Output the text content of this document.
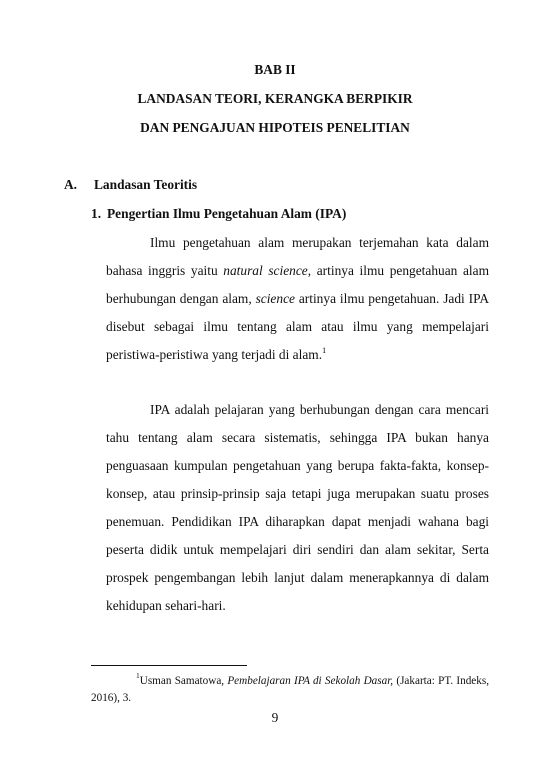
BAB II
LANDASAN TEORI, KERANGKA BERPIKIR
DAN PENGAJUAN HIPOTEIS PENELITIAN
A. Landasan Teoritis
1. Pengertian Ilmu Pengetahuan Alam (IPA)

Ilmu pengetahuan alam merupakan terjemahan kata dalam bahasa inggris yaitu natural science, artinya ilmu pengetahuan alam berhubungan dengan alam, science artinya ilmu pengetahuan. Jadi IPA disebut sebagai ilmu tentang alam atau ilmu yang mempelajari peristiwa-peristiwa yang terjadi di alam.$^1$

IPA adalah pelajaran yang berhubungan dengan cara mencari tahu tentang alam secara sistematis, sehingga IPA bukan hanya penguasaan kumpulan pengetahuan yang berupa fakta-fakta, konsep-konsep, atau prinsip-prinsip saja tetapi juga merupakan suatu proses penemuan. Pendidikan IPA diharapkan dapat menjadi wahana bagi peserta didik untuk mempelajari diri sendiri dan alam sekitar, Serta prospek pengembangan lebih lanjut dalam menerapkannya di dalam kehidupan sehari-hari.

$^1$Usman Samatowa, Pembelajaran IPA di Sekolah Dasar, (Jakarta: PT. Indeks, 2016), 3.

9
